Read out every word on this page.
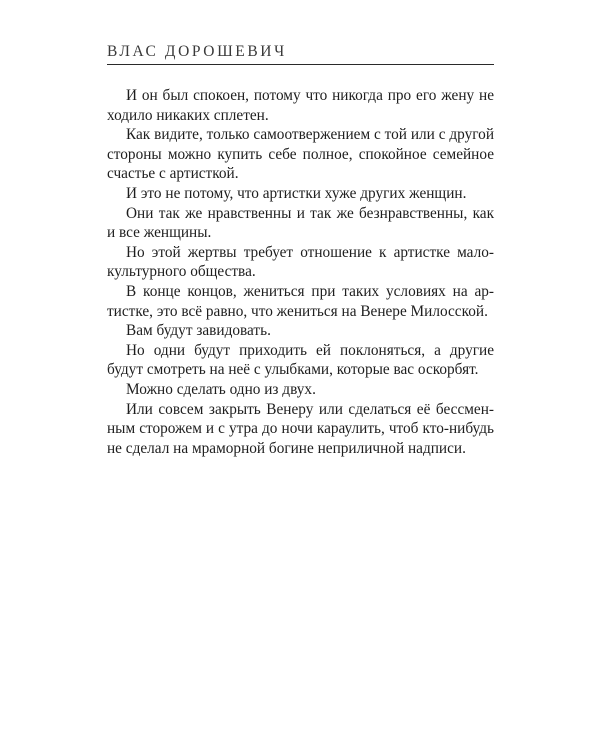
ВЛАС ДОРОШЕВИЧ

И он был спокоен, потому что никогда про его жену не ходило никаких сплетен.

Как видите, только самоотвержением с той или с другой стороны можно купить себе полное, спокойное семейное счастье с артисткой.

И это не потому, что артистки хуже других женщин.

Они так же нравственны и так же безнравственны, как и все женщины.

Но этой жертвы требует отношение к артистке малокультурного общества.

В конце концов, жениться при таких условиях на артистке, это всё равно, что жениться на Венере Милосской.

Вам будут завидовать.

Но одни будут приходить ей поклоняться, а другие будут смотреть на неё с улыбками, которые вас оскорбят.

Можно сделать одно из двух.

Или совсем закрыть Венеру или сделаться её бессменным сторожем и с утра до ночи караулить, чтоб кто-нибудь не сделал на мраморной богине неприличной надписи.
